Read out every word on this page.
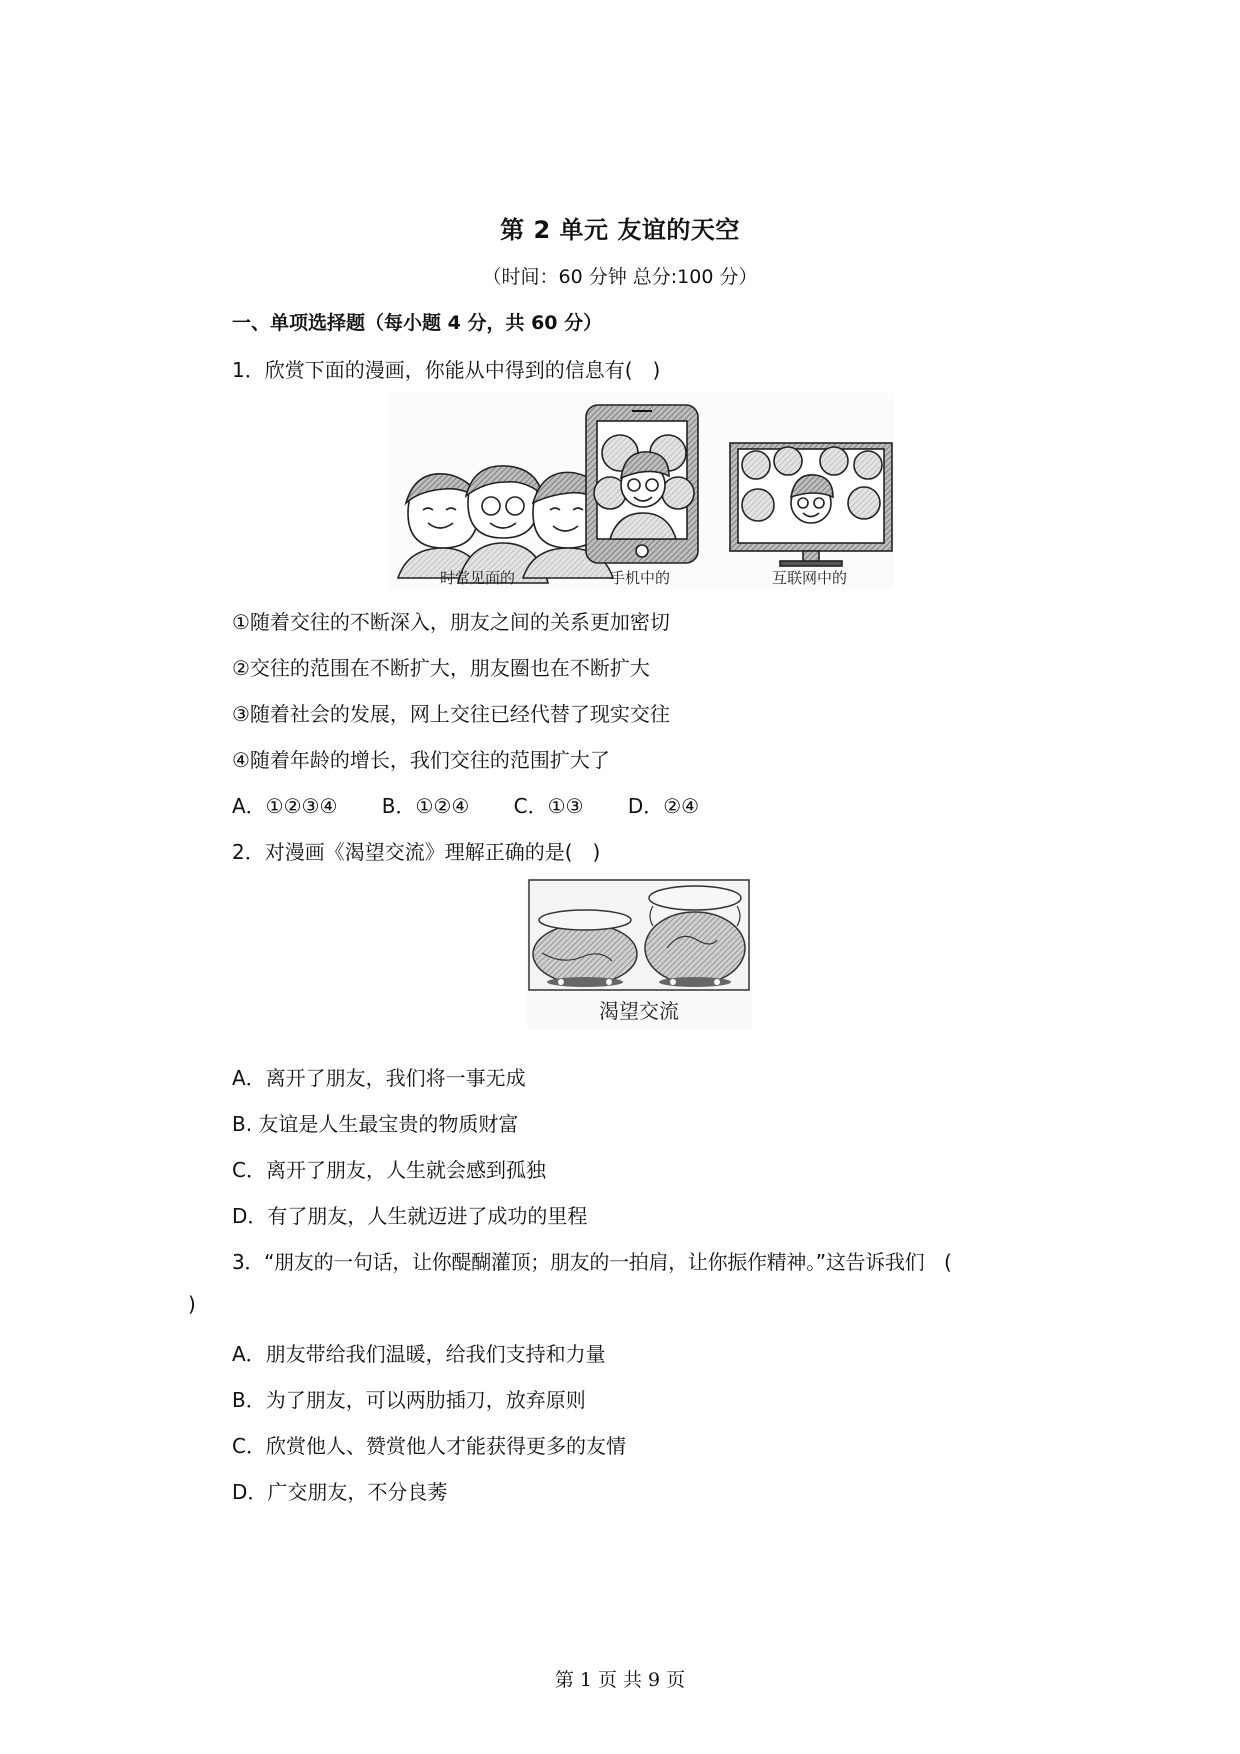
第 2 单元 友谊的天空
（时间：60 分钟 总分:100 分）
一、单项选择题（每小题 4 分，共 60 分）
1．欣赏下面的漫画，你能从中得到的信息有(　)

时常见面的	手机中的	互联网中的
①随着交往的不断深入，朋友之间的关系更加密切
②交往的范围在不断扩大，朋友圈也在不断扩大
③随着社会的发展，网上交往已经代替了现实交往
④随着年龄的增长，我们交往的范围扩大了
A．①②③④ B．①②④ C．①③ D．②④
2．对漫画《渴望交流》理解正确的是(　)
渴望交流
A．离开了朋友，我们将一事无成
B. 友谊是人生最宝贵的物质财富
C．离开了朋友，人生就会感到孤独
D．有了朋友，人生就迈进了成功的里程
3．“朋友的一句话，让你醍醐灌顶；朋友的一拍肩，让你振作精神。”这告诉我们　(
)
A．朋友带给我们温暖，给我们支持和力量
B．为了朋友，可以两肋插刀，放弃原则
C．欣赏他人、赞赏他人才能获得更多的友情
D．广交朋友，不分良莠
第 1 页 共 9 页
